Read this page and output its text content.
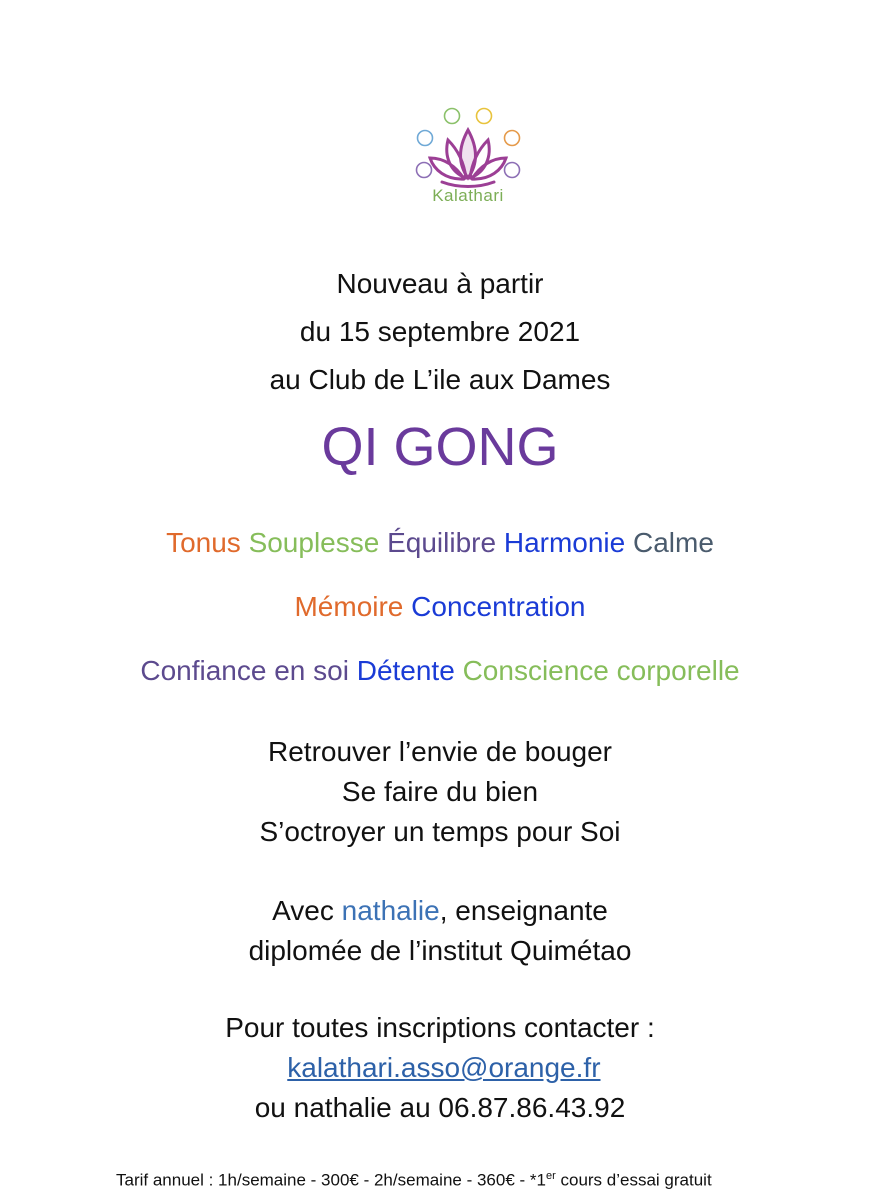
Kalathari
Nouveau à partir
du 15 septembre 2021
au Club de L’ile aux Dames
QI GONG
Tonus Souplesse Équilibre Harmonie Calme
Mémoire Concentration
Confiance en soi Détente Conscience corporelle
Retrouver l’envie de bouger
Se faire du bien
S’octroyer un temps pour Soi
Avec nathalie, enseignante
diplomée de l’institut Quimétao
Pour toutes inscriptions contacter :
kalathari.asso@orange.fr
ou nathalie au 06.87.86.43.92
Tarif annuel : 1h/semaine - 300€ - 2h/semaine - 360€ - *1er cours d’essai gratuit
